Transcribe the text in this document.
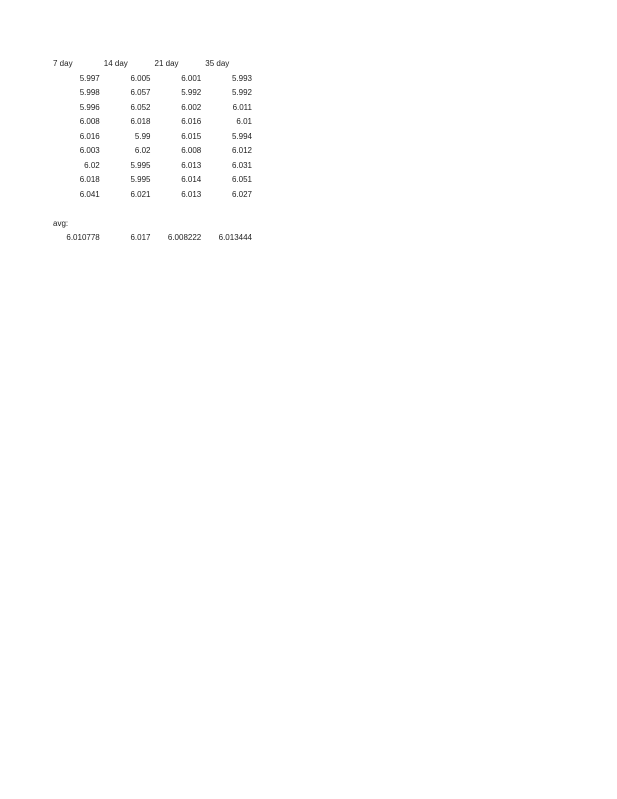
7 day	14 day	21 day	35 day
5.997	6.005	6.001	5.993
5.998	6.057	5.992	5.992
5.996	6.052	6.002	6.011
6.008	6.018	6.016	6.01
6.016	5.99	6.015	5.994
6.003	6.02	6.008	6.012
6.02	5.995	6.013	6.031
6.018	5.995	6.014	6.051
6.041	6.021	6.013	6.027

avg:			
6.010778	6.017	6.008222	6.013444
